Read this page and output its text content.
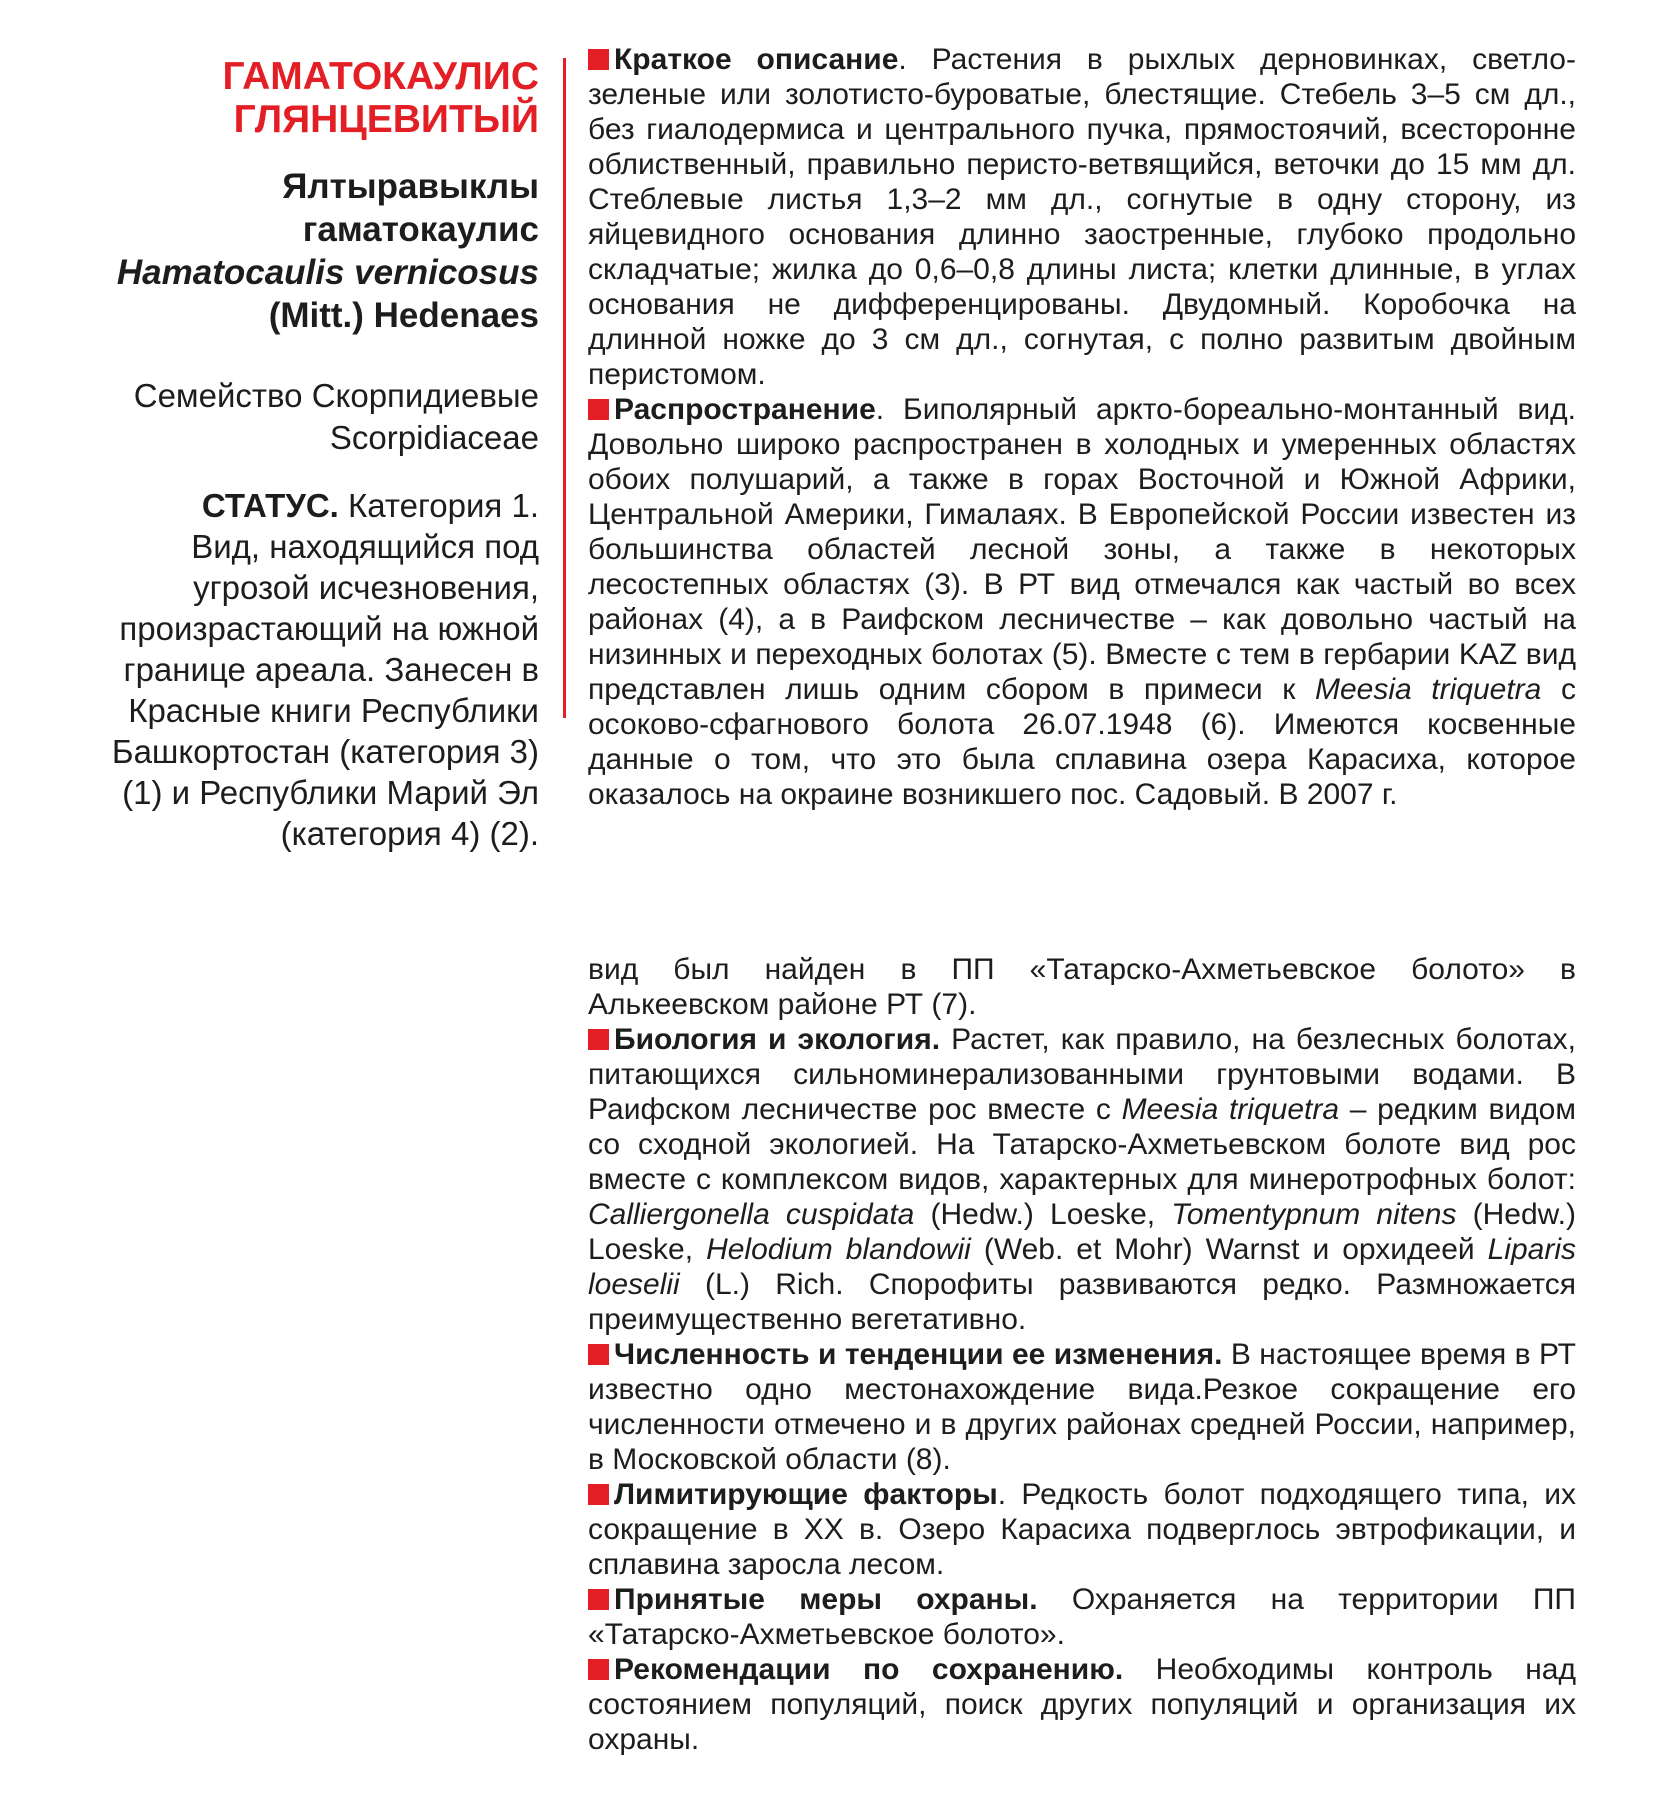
ГАМАТОКАУЛИС ГЛЯНЦЕВИТЫЙ
Ялтыравыклы гаматокаулис
Hamatocaulis vernicosus
(Mitt.) Hedenaes
Семейство Скорпидиевые
Scorpidiaceae
СТАТУС. Категория 1.
Вид, находящийся под угрозой исчезновения, произрастающий на южной границе ареала. Занесен в Красные книги Республики Башкортостан (категория 3) (1) и Республики Марий Эл (категория 4) (2).

Краткое описание. Растения в рыхлых дерновинках, светло-зеленые или золотисто-буроватые, блестящие. Стебель 3–5 см дл., без гиалодермиса и центрального пучка, прямостоячий, всесторонне облиственный, правильно перисто-ветвящийся, веточки до 15 мм дл. Стеблевые листья 1,3–2 мм дл., согнутые в одну сторону, из яйцевидного основания длинно заостренные, глубоко продольно складчатые; жилка до 0,6–0,8 длины листа; клетки длинные, в углах основания не дифференцированы. Двудомный. Коробочка на длинной ножке до 3 см дл., согнутая, с полно развитым двойным перистомом.

Распространение. Биполярный аркто-бореально-монтанный вид. Довольно широко распространен в холодных и умеренных областях обоих полушарий, а также в горах Восточной и Южной Африки, Центральной Америки, Гималаях. В Европейской России известен из большинства областей лесной зоны, а также в некоторых лесостепных областях (3). В РТ вид отмечался как частый во всех районах (4), а в Раифском лесничестве – как довольно частый на низинных и переходных болотах (5). Вместе с тем в гербарии KAZ вид представлен лишь одним сбором в примеси к Meesia triquetra с осоково-сфагнового болота 26.07.1948 (6). Имеются косвенные данные о том, что это была сплавина озера Карасиха, которое оказалось на окраине возникшего пос. Садовый. В 2007 г.

вид был найден в ПП «Татарско-Ахметьевское болото» в Алькеевском районе РТ (7).

Биология и экология. Растет, как правило, на безлесных болотах, питающихся сильноминерализованными грунтовыми водами. В Раифском лесничестве рос вместе с Meesia triquetra – редким видом со сходной экологией. На Татарско-Ахметьевском болоте вид рос вместе с комплексом видов, характерных для минеротрофных болот: Calliergonella cuspidata (Hedw.) Loeske, Tomentypnum nitens (Hedw.) Loeske, Helodium blandowii (Web. et Mohr) Warnst и орхидеей Liparis loeselii (L.) Rich. Спорофиты развиваются редко. Размножается преимущественно вегетативно.

Численность и тенденции ее изменения. В настоящее время в РТ известно одно местонахождение вида.Резкое сокращение его численности отмечено и в других районах средней России, например, в Московской области (8).

Лимитирующие факторы. Редкость болот подходящего типа, их сокращение в XX в. Озеро Карасиха подверглось эвтрофикации, и сплавина заросла лесом.

Принятые меры охраны. Охраняется на территории ПП «Татарско-Ахметьевское болото».

Рекомендации по сохранению. Необходимы контроль над состоянием популяций, поиск других популяций и организация их охраны.
